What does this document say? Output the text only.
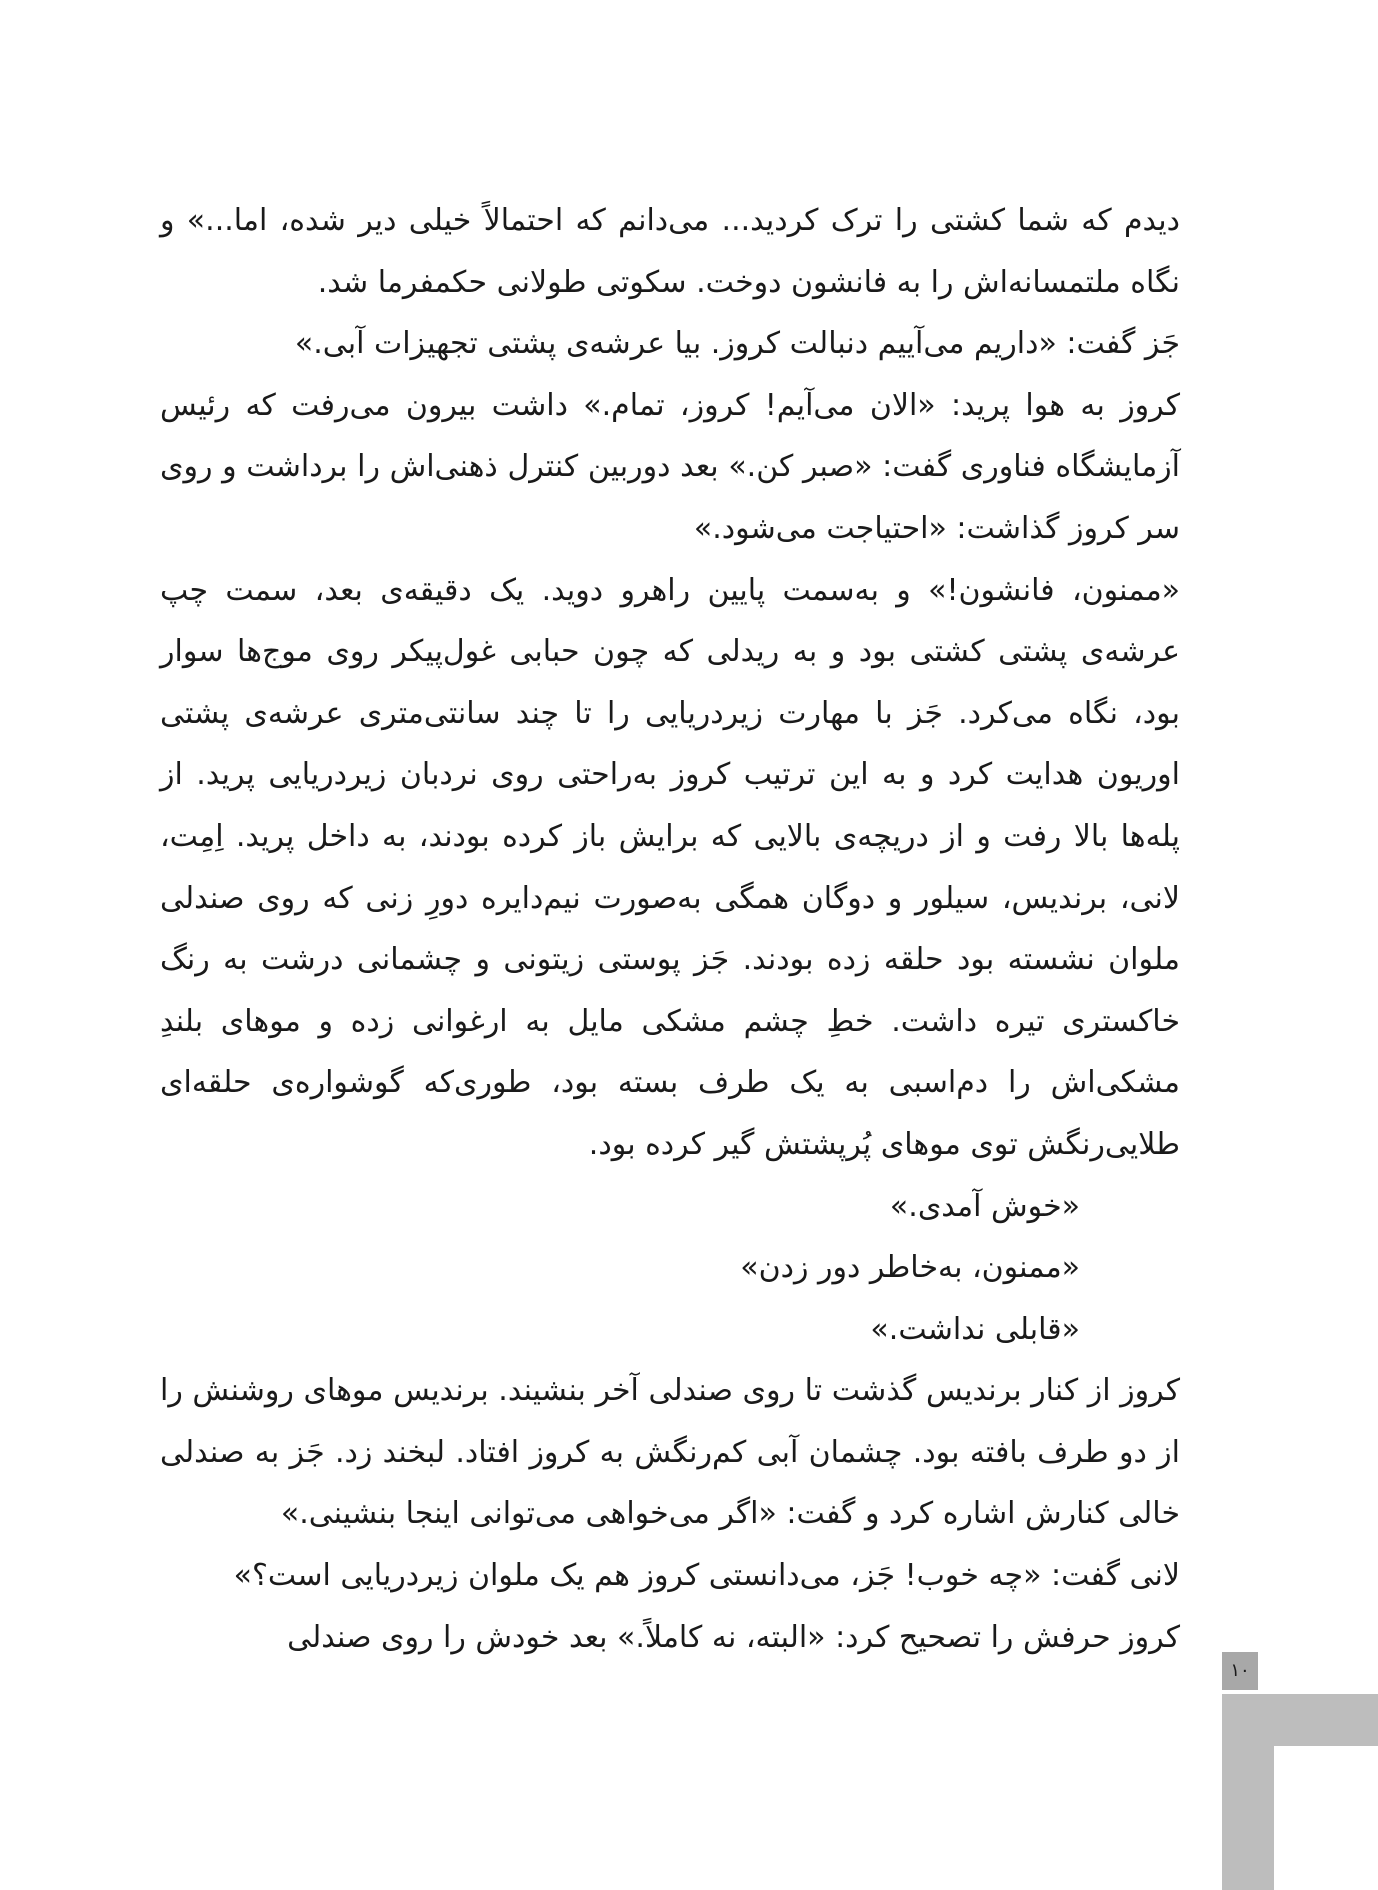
دیدم که شما کشتی را ترک کردید... می‌دانم که احتمالاً خیلی دیر شده، اما...» و نگاه ملتمسانه‌اش را به فانشون دوخت. سکوتی طولانی حکمفرما شد.

جَز گفت: «داریم می‌آییم دنبالت کروز. بیا عرشه‌ی پشتی تجهیزات آبی.»

کروز به هوا پرید: «الان می‌آیم! کروز، تمام.» داشت بیرون می‌رفت که رئیس آزمایشگاه فناوری گفت: «صبر کن.» بعد دوربین کنترل ذهنی‌اش را برداشت و روی سر کروز گذاشت: «احتیاجت می‌شود.»

«ممنون، فانشون!» و به‌سمت پایین راهرو دوید. یک دقیقه‌ی بعد، سمت چپ عرشه‌ی پشتی کشتی بود و به ریدلی که چون حبابی غول‌پیکر روی موج‌ها سوار بود، نگاه می‌کرد. جَز با مهارت زیردریایی را تا چند سانتی‌متری عرشه‌ی پشتی اوریون هدایت کرد و به این ترتیب کروز به‌راحتی روی نردبان زیردریایی پرید. از پله‌ها بالا رفت و از دریچه‌ی بالایی که برایش باز کرده بودند، به داخل پرید. اِمِت، لانی، برندیس، سیلور و دوگان همگی به‌صورت نیم‌دایره دورِ زنی که روی صندلی ملوان نشسته بود حلقه زده بودند. جَز پوستی زیتونی و چشمانی درشت به رنگ خاکستری تیره داشت. خطِ چشم مشکی مایل به ارغوانی زده و موهای بلندِ مشکی‌اش را دم‌اسبی به یک طرف بسته بود، طوری‌که گوشواره‌ی حلقه‌ای طلایی‌رنگش توی موهای پُرپشتش گیر کرده بود.

«خوش آمدی.»

«ممنون، به‌خاطر دور زدن»

«قابلی نداشت.»

کروز از کنار برندیس گذشت تا روی صندلی آخر بنشیند. برندیس موهای روشنش را از دو طرف بافته بود. چشمان آبی کم‌رنگش به کروز افتاد. لبخند زد. جَز به صندلی خالی کنارش اشاره کرد و گفت: «اگر می‌خواهی می‌توانی اینجا بنشینی.»

لانی گفت: «چه خوب! جَز، می‌دانستی کروز هم یک ملوان زیردریایی است؟»

کروز حرفش را تصحیح کرد: «البته، نه کاملاً.» بعد خودش را روی صندلی

۱۰
